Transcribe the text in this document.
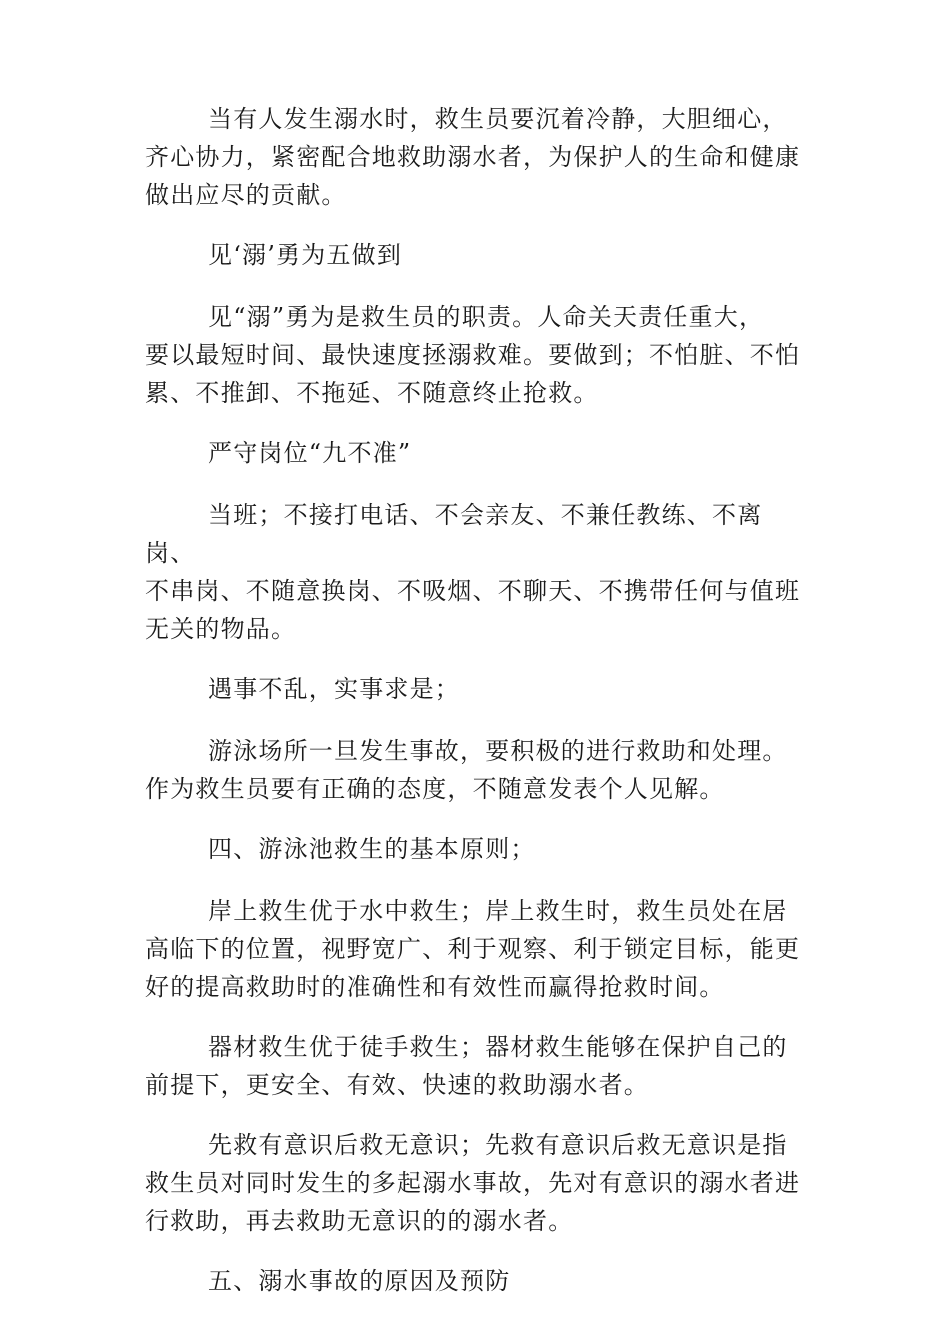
当有人发生溺水时，救生员要沉着冷静，大胆细心，
齐心协力，紧密配合地救助溺水者，为保护人的生命和健康
做出应尽的贡献。

见‘溺’勇为五做到

见“溺”勇为是救生员的职责。人命关天责任重大，
要以最短时间、最快速度拯溺救难。要做到；不怕脏、不怕
累、不推卸、不拖延、不随意终止抢救。

严守岗位“九不准”

当班；不接打电话、不会亲友、不兼任教练、不离岗、
不串岗、不随意换岗、不吸烟、不聊天、不携带任何与值班
无关的物品。

遇事不乱，实事求是；

游泳场所一旦发生事故，要积极的进行救助和处理。
作为救生员要有正确的态度，不随意发表个人见解。

四、游泳池救生的基本原则；

岸上救生优于水中救生；岸上救生时，救生员处在居
高临下的位置，视野宽广、利于观察、利于锁定目标，能更
好的提高救助时的准确性和有效性而赢得抢救时间。

器材救生优于徒手救生；器材救生能够在保护自己的
前提下，更安全、有效、快速的救助溺水者。

先救有意识后救无意识；先救有意识后救无意识是指
救生员对同时发生的多起溺水事故，先对有意识的溺水者进
行救助，再去救助无意识的的溺水者。

五、溺水事故的原因及预防
